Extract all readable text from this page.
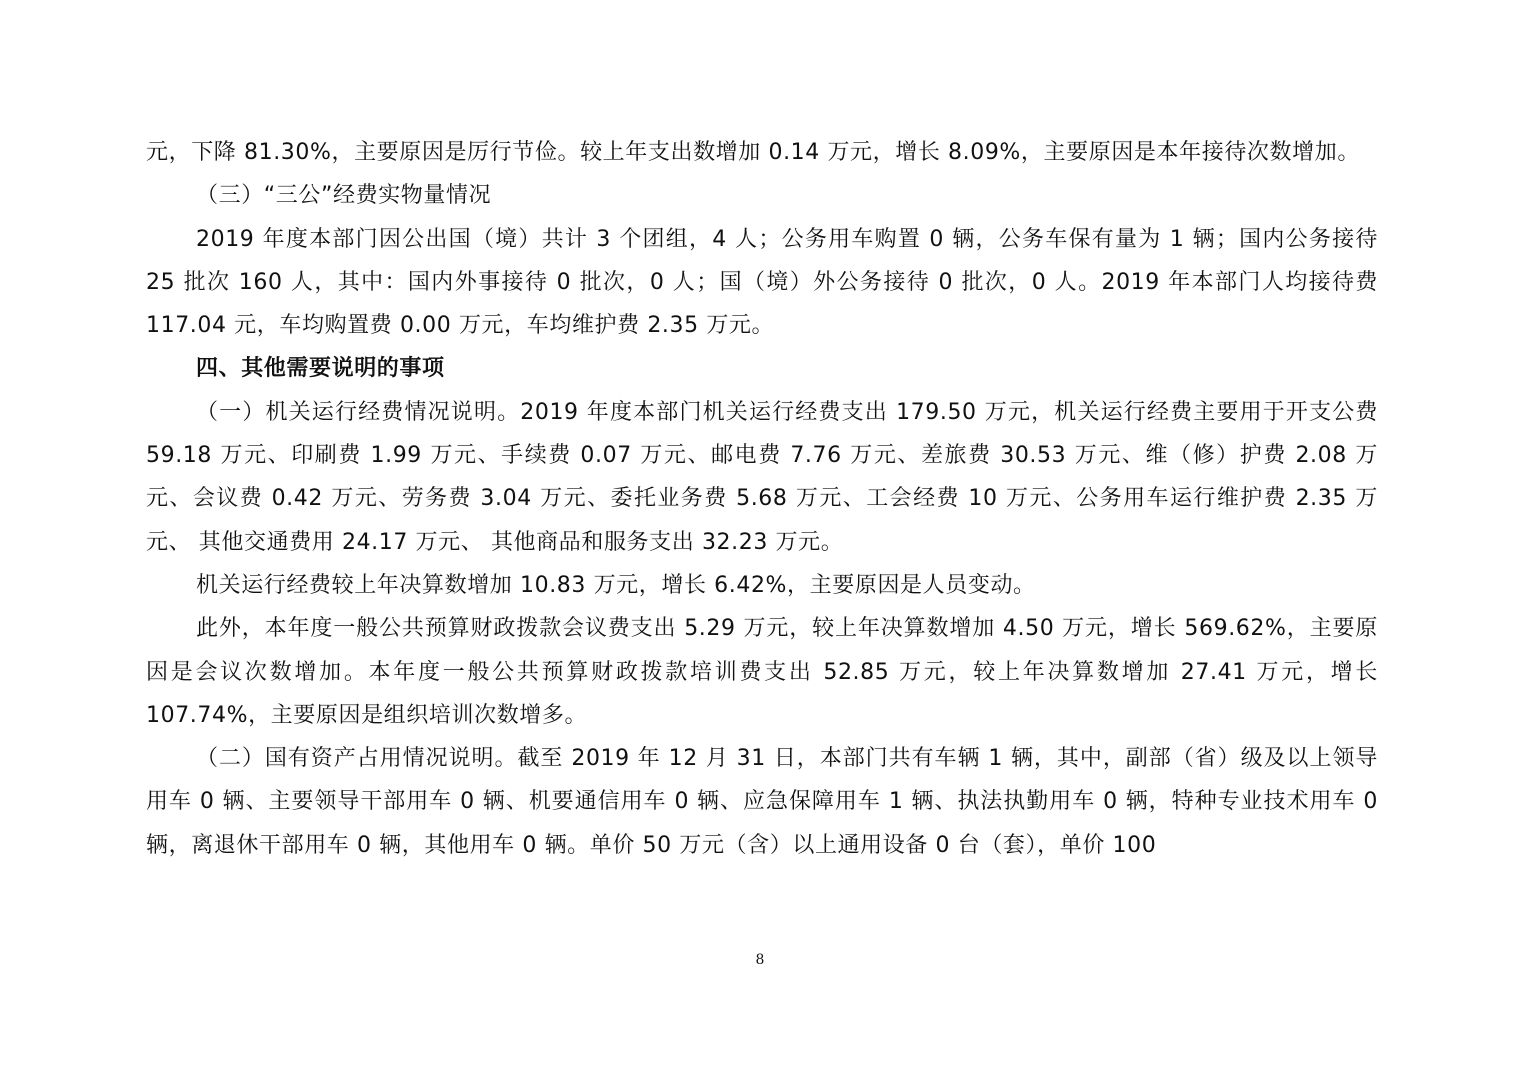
元，下降 81.30%，主要原因是厉行节俭。较上年支出数增加 0.14 万元，增长 8.09%，主要原因是本年接待次数增加。

（三）“三公”经费实物量情况

2019 年度本部门因公出国（境）共计 3 个团组，4 人；公务用车购置 0 辆，公务车保有量为 1 辆；国内公务接待 25 批次 160 人，其中：国内外事接待 0 批次，0 人；国（境）外公务接待 0 批次，0 人。2019 年本部门人均接待费 117.04 元，车均购置费 0.00 万元，车均维护费 2.35 万元。

四、其他需要说明的事项

（一）机关运行经费情况说明。2019 年度本部门机关运行经费支出 179.50 万元，机关运行经费主要用于开支公费 59.18 万元、印刷费 1.99 万元、手续费 0.07 万元、邮电费 7.76 万元、差旅费 30.53 万元、维（修）护费 2.08 万元、会议费 0.42 万元、劳务费 3.04 万元、委托业务费 5.68 万元、工会经费 10 万元、公务用车运行维护费 2.35 万元、 其他交通费用 24.17 万元、 其他商品和服务支出 32.23 万元。

机关运行经费较上年决算数增加 10.83 万元，增长 6.42%，主要原因是人员变动。

此外，本年度一般公共预算财政拨款会议费支出 5.29 万元，较上年决算数增加 4.50 万元，增长 569.62%，主要原因是会议次数增加。本年度一般公共预算财政拨款培训费支出 52.85 万元，较上年决算数增加 27.41 万元，增长 107.74%，主要原因是组织培训次数增多。

（二）国有资产占用情况说明。截至 2019 年 12 月 31 日，本部门共有车辆 1 辆，其中，副部（省）级及以上领导用车 0 辆、主要领导干部用车 0 辆、机要通信用车 0 辆、应急保障用车 1 辆、执法执勤用车 0 辆，特种专业技术用车 0 辆，离退休干部用车 0 辆，其他用车 0 辆。单价 50 万元（含）以上通用设备 0 台（套），单价 100

8
